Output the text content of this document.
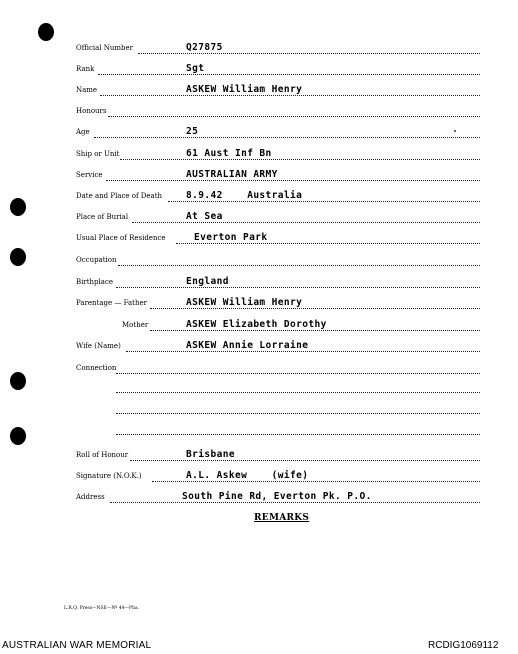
Official Number	Q27875
Rank	Sgt
Name	ASKEW William Henry
Honours
Age	25
Ship or Unit	61 Aust Inf Bn
Service	AUSTRALIAN ARMY
Date and Place of Death	8.9.42    Australia
Place of Burial	At Sea
Usual Place of Residence	Everton Park
Occupation
Birthplace	England
Parentage — Father	ASKEW William Henry
Mother	ASKEW Elizabeth Dorothy
Wife (Name)	ASKEW Annie Lorraine
Connection
Roll of Honour	Brisbane
Signature (N.O.K.)	A.L. Askew    (wife)
Address	South Pine Rd, Everton Pk. P.O.
REMARKS
L.R.Q. Press—NSE—Nº 44—Pha.
AUSTRALIAN WAR MEMORIAL	RCDIG1069112
